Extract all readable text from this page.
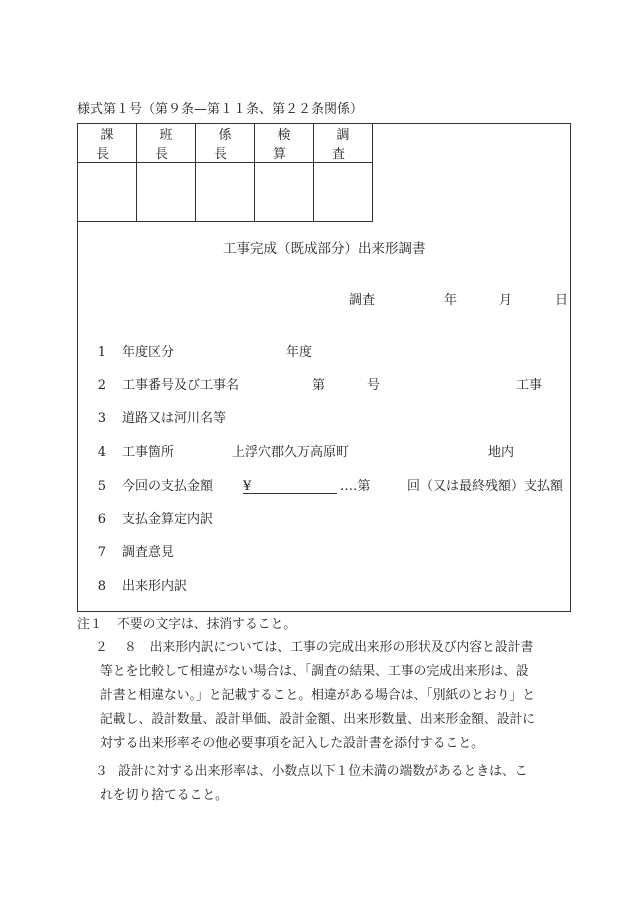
様式第１号（第９条—第１１条、第２２条関係）
課　長	班　長	係　長	検　算	調　査

工事完成（既成部分）出来形調書
調査	年	月	日
1 年度区分	年度
2 工事番号及び工事名	第	号	工事
3 道路又は河川名等
4 工事箇所	上浮穴郡久万高原町	地内
5 今回の支払金額 ¥	‥‥第	回（又は最終残額）支払額
6 支払金算定内訳
7 調査意見
8 出来形内訳
注１ 不要の文字は、抹消すること。
２ ８　出来形内訳については、工事の完成出来形の形状及び内容と設計書
等とを比較して相違がない場合は、「調査の結果、工事の完成出来形は、設
計書と相違ない。」と記載すること。相違がある場合は、「別紙のとおり」と
記載し、設計数量、設計単価、設計金額、出来形数量、出来形金額、設計に
対する出来形率その他必要事項を記入した設計書を添付すること。
３ 設計に対する出来形率は、小数点以下１位未満の端数があるときは、こ
れを切り捨てること。
